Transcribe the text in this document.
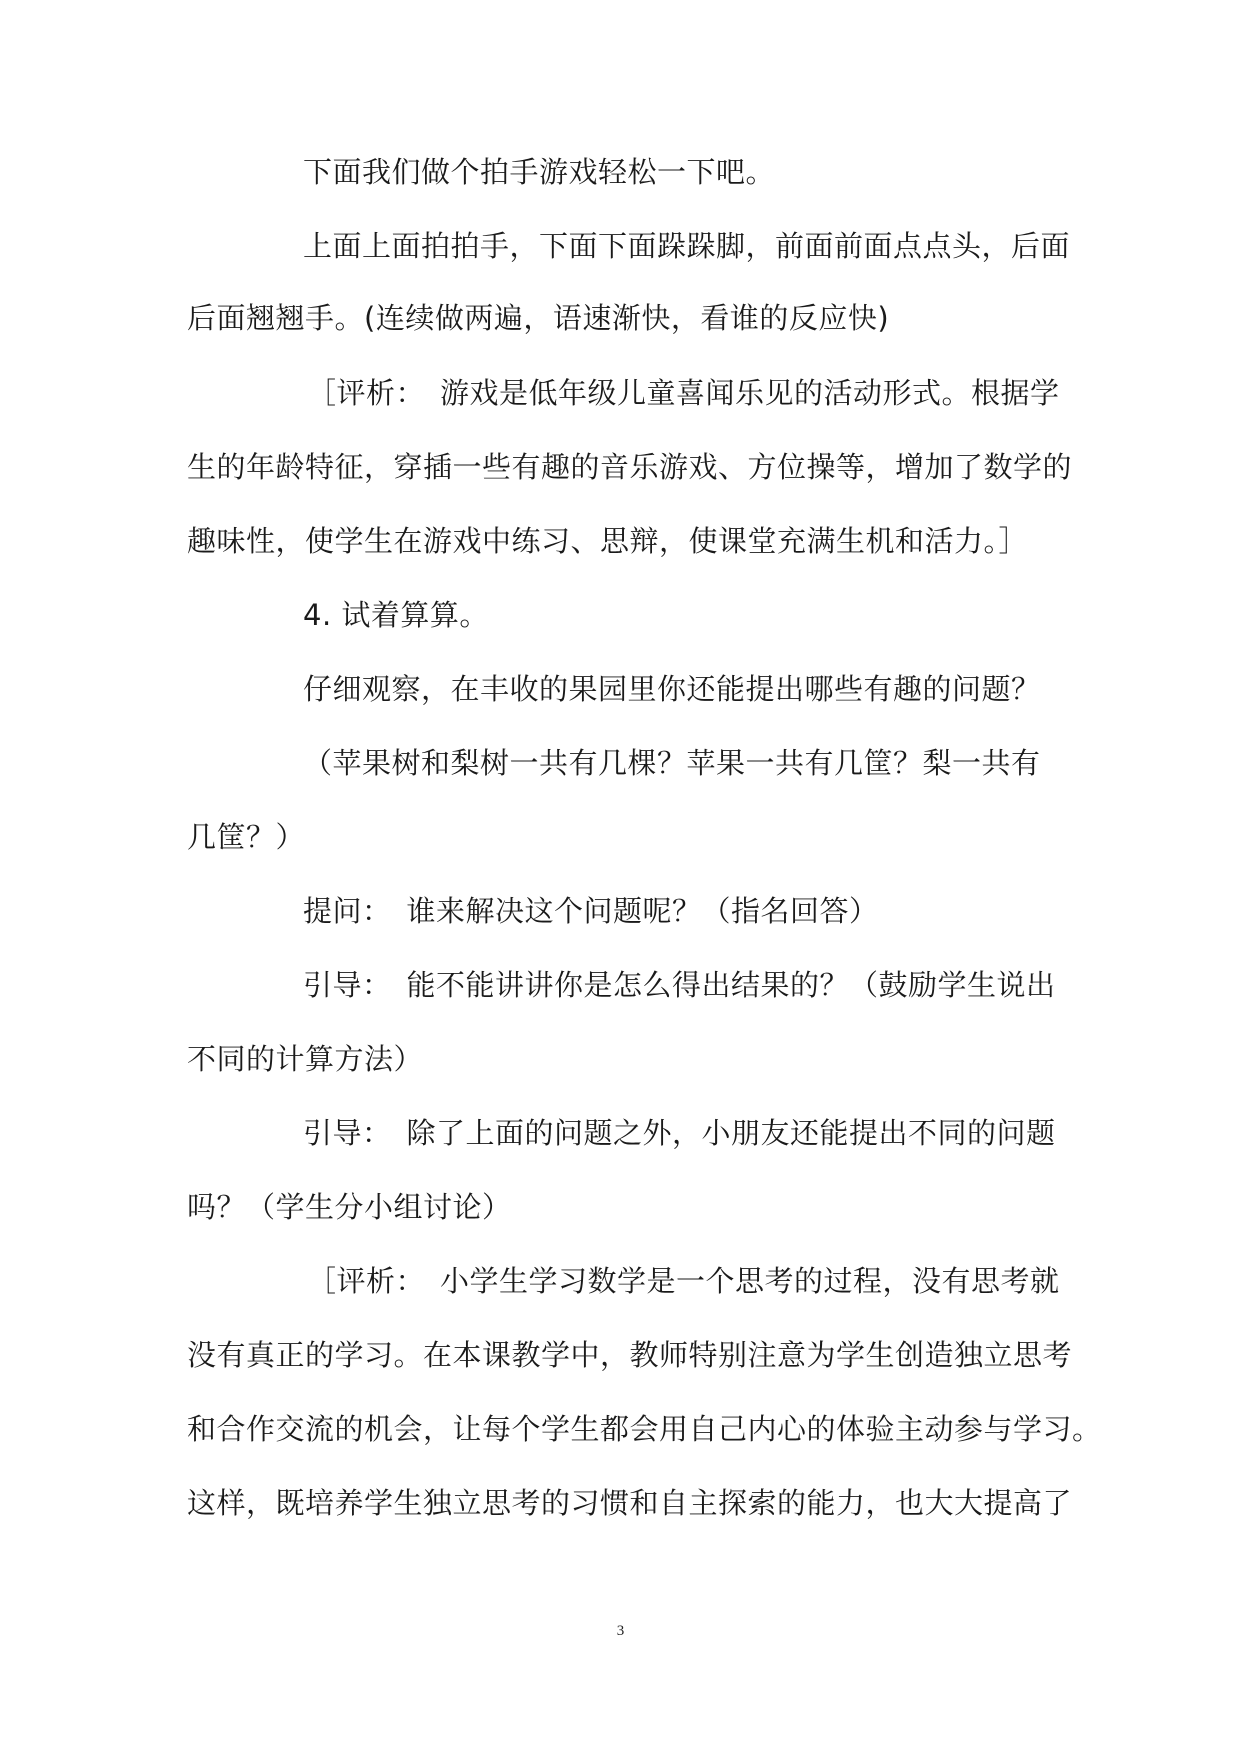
下面我们做个拍手游戏轻松一下吧。
上面上面拍拍手，下面下面跺跺脚，前面前面点点头，后面
后面翘翘手。(连续做两遍，语速渐快，看谁的反应快)
［评析：　游戏是低年级儿童喜闻乐见的活动形式。根据学
生的年龄特征，穿插一些有趣的音乐游戏、方位操等，增加了数学的
趣味性，使学生在游戏中练习、思辩，使课堂充满生机和活力。］
4. 试着算算。
仔细观察，在丰收的果园里你还能提出哪些有趣的问题？
（苹果树和梨树一共有几棵？苹果一共有几筐？梨一共有
几筐？）
提问：　谁来解决这个问题呢？（指名回答）
引导：　能不能讲讲你是怎么得出结果的？（鼓励学生说出
不同的计算方法）
引导：　除了上面的问题之外，小朋友还能提出不同的问题
吗？（学生分小组讨论）
［评析：　小学生学习数学是一个思考的过程，没有思考就
没有真正的学习。在本课教学中，教师特别注意为学生创造独立思考
和合作交流的机会，让每个学生都会用自己内心的体验主动参与学习。
这样，既培养学生独立思考的习惯和自主探索的能力，也大大提高了
3
